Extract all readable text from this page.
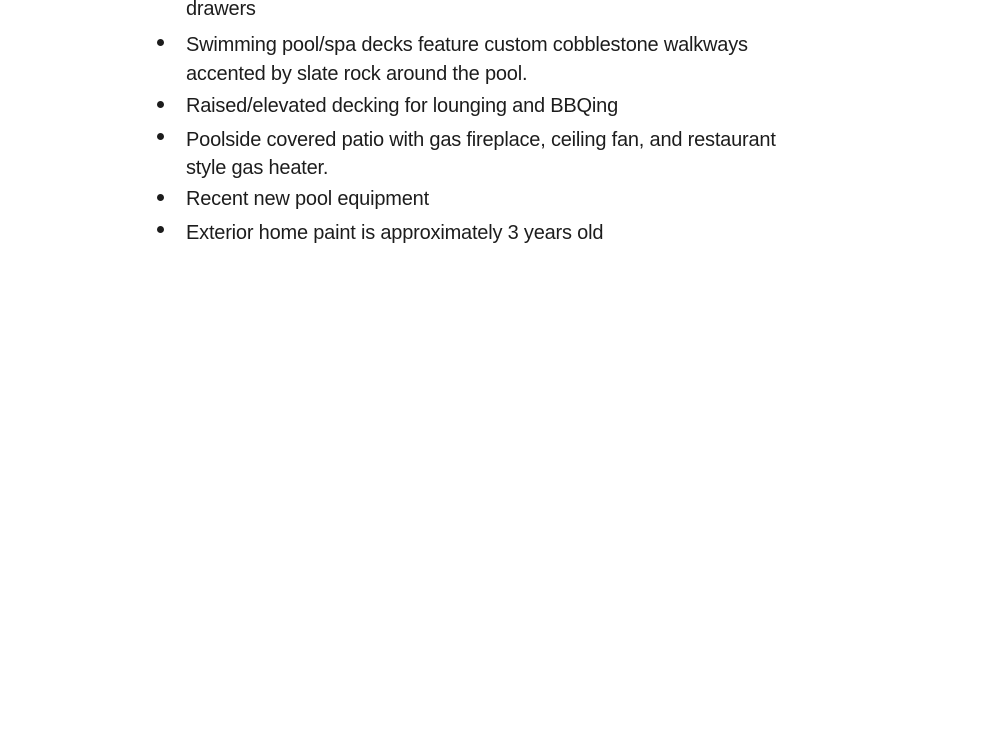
drawers
Swimming pool/spa decks feature custom cobblestone walkways
accented by slate rock around the pool.
Raised/elevated decking for lounging and BBQing
Poolside covered patio with gas fireplace, ceiling fan, and restaurant
style gas heater.
Recent new pool equipment
Exterior home paint is approximately 3 years old
